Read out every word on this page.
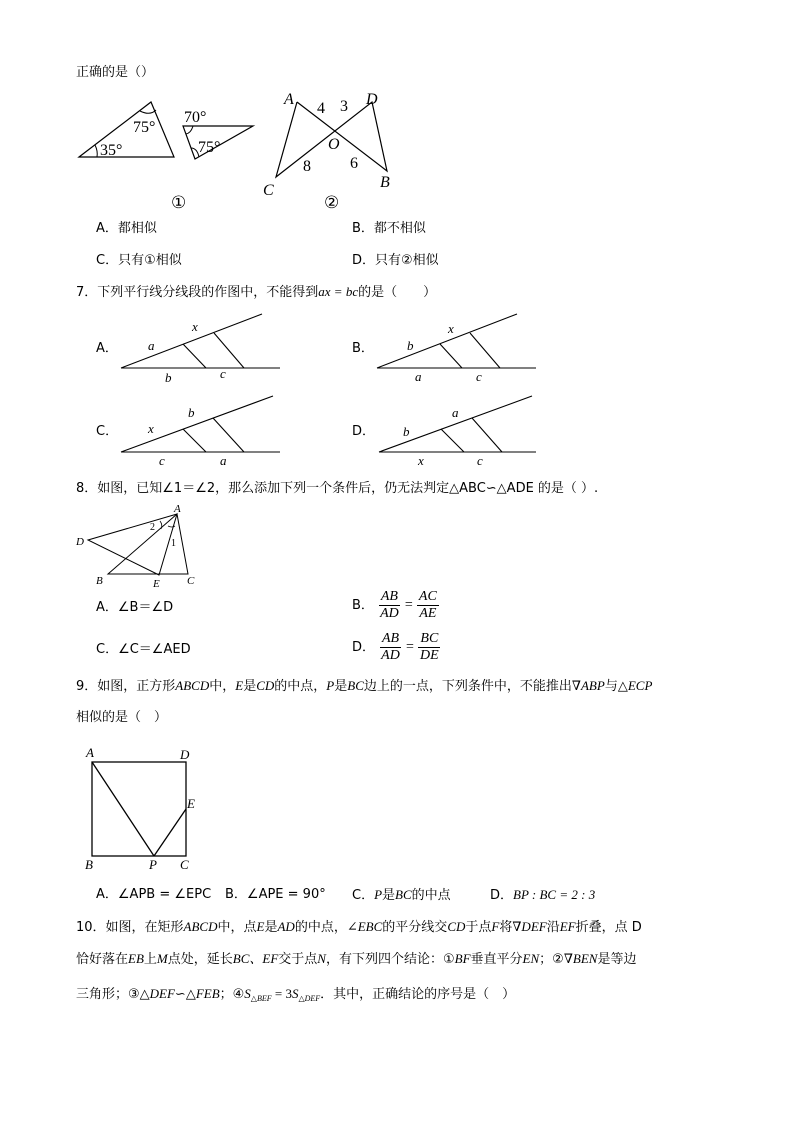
正确的是（）
75°
35°
70°
75°
①
A
4 3 D
O
8 6
C	B
②
A．都相似	B．都不相似
C．只有①相似	D．只有②相似
7．下列平行线分线段的作图中，不能得到ax = bc的是（　　）
A．	B．
C．	D．
a
x
b	c
b
x
a	c
x
b
c	a
b
a
x	c
8．如图，已知∠1＝∠2，那么添加下列一个条件后，仍无法判定△ABC∽△ADE 的是（ ）.
A
D
B	E C
2
1
A．∠B＝∠D	B． $\frac{AB}{AD} = \frac{AC}{AE}$
C．∠C＝∠AED	D． $\frac{AB}{AD} = \frac{BC}{DE}$
9．如图，正方形ABCD中，E是CD的中点，P是BC边上的一点，下列条件中，不能推出∇ABP与△ECP
相似的是（　）
A	D
E
B	P C
A．∠APB = ∠EPC B．∠APE = 90° C．P是BC的中点	D．BP : BC = 2 : 3
10．如图，在矩形ABCD中，点E是AD的中点，∠EBC的平分线交CD于点F将∇DEF沿EF折叠，点 D
恰好落在EB上M点处，延长BC、EF交于点N，有下列四个结论：①BF垂直平分EN；②∇BEN是等边
三角形；③△DEF∽△FEB；$④S_{\triangle BEF} = 3S_{\triangle DEF}$．其中，正确结论的序号是（　）
